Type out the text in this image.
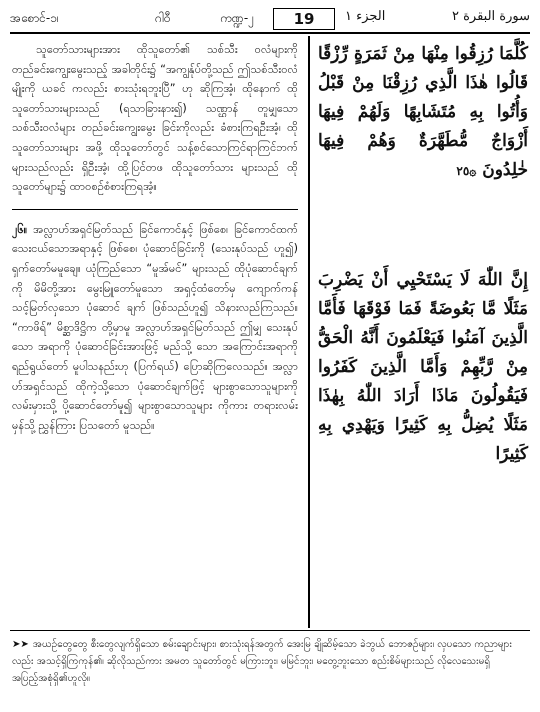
အစောင်-၁၊	ဂါဝီ	ကဏ္ဍ-၂	19	الجزء ۱	سورة البقرة ۲

သူတော်သားများအား ထိုသူတော်၏ သစ်သီး ဝလံများကို တည်ခင်းကျွေးမွေးသည့် အခါတိုင်း၌ “အကျွန်ုပ်တို့သည် ဤသစ်သီးဝလံမျိုးကို ယခင် ကလည်း စားသုံးရဘူးပြီ” ဟု ဆိုကြအံ့၊ ထိုနောက် ထိုသူတော်သားများသည် (ရသာခြားနား၍) သဏ္ဌာန် တူမျှသော သစ်သီးဝလံများ တည်ခင်းကျွေးမွေး ခြင်းကိုလည်း ခံစားကြရဦးအံ့၊ ထိုသူတော်သားများ အဖို့ ထိုသူတော်တွင် သန့်စင်သောကြင်ရာကြင်ဘက် များသည်လည်း ရှိဦးအံ့၊ ထို့ပြင်တဖ ထိုသူတော်သား များသည် ထိုသူတော်များ၌ ထာဝစဉ်စံစားကြရအံ့။

၂၆။ အလ္လာဟ်အရှင်မြတ်သည် ခြင်ကောင်နှင့် ဖြစ်စေ၊ ခြင်ကောင်ထက် သေးငယ်သောအရာနှင့် ဖြစ်စေ၊ ပုံဆောင်ခြင်းကို (သေးနုပ်သည် ဟူ၍) ရှက်တော်မမူချေ။ ယုံကြည်သော “မူအ်မင်” များသည် ထိုပုံဆောင်ချက်ကို မိမိတို့အား မွေးမြူတော်မူသော အရှင့်ထံတော်မှ ကျောက်ကန် သင့်မြတ်လှသော ပုံဆောင် ချက် ဖြစ်သည်ဟူ၍ သိနားလည်ကြသည်။ “ကာဖိရ်” မိစ္ဆာဒိဋ္ဌိက တို့မှာမူ အလ္လာဟ်အရှင်မြတ်သည် ဤမျှ သေးနုပ်သော အရာကို ပုံဆောင်ခြင်းအားဖြင့် မည်သို့ သော အကြောင်းအရာကို ရည်ရွယ်တော် မူပါသနည်းဟု (ပြက်ရယ်) ပြောဆိုကြလေသည်။ အလ္လာဟ်အရှင်သည် ထိုကဲ့သို့သော ပုံဆောင်ချက်ဖြင့် များစွာသောသူများကို လမ်းမှားသို့ ပို့ဆောင်တော်မူ၍ များစွာသောသူများ ကိုကား တရားလမ်းမှန်သို့ ညွှန်ကြား ပြသတော် မူသည်။

كُلَّمَا رُزِقُوا مِنْهَا مِنْ ثَمَرَةٍ رِّزْقًا قَالُوا هٰذَا الَّذِي رُزِقْنَا مِنْ قَبْلُ وَأُتُوا بِهِ مُتَشَابِهًا وَلَهُمْ فِيهَا أَزْوَاجٌ مُّطَهَّرَةٌ وَهُمْ فِيهَا خٰلِدُونَ ۞٢٥

إِنَّ اللّٰهَ لَا يَسْتَحْيِي أَنْ يَضْرِبَ مَثَلًا مَّا بَعُوضَةً فَمَا فَوْقَهَا فَأَمَّا الَّذِينَ آمَنُوا فَيَعْلَمُونَ أَنَّهُ الْحَقُّ مِنْ رَّبِّهِمْ وَأَمَّا الَّذِينَ كَفَرُوا فَيَقُولُونَ مَاذَا أَرَادَ اللّٰهُ بِهٰذَا مَثَلًا يُضِلُّ بِهِ كَثِيرًا وَيَهْدِي بِهِ كَثِيرًا

➤➤ အယဉ်တွေတွေ စီးတွေလျက်ရှိသော စမ်းချောင်းများ၊ စားသုံးရန်အတွက် အေးမြ ချိုဆိမ့်သော ခဲဘွယ် ဘောဇဉ်များ၊ လှပသော ကညာများလည်း အသင့်ရှိကြကုန်၏၊ ဆိုလိုသည်ကား အမတ သူတော်တွင် မကြားဘူး၊ မမြင်ဘူး၊ မတွေ့ဘူးသော စည်းစိမ်များသည် လိုလေသေးမရှိ အပြည့်အစုံရှိ၏ဟူလို။
